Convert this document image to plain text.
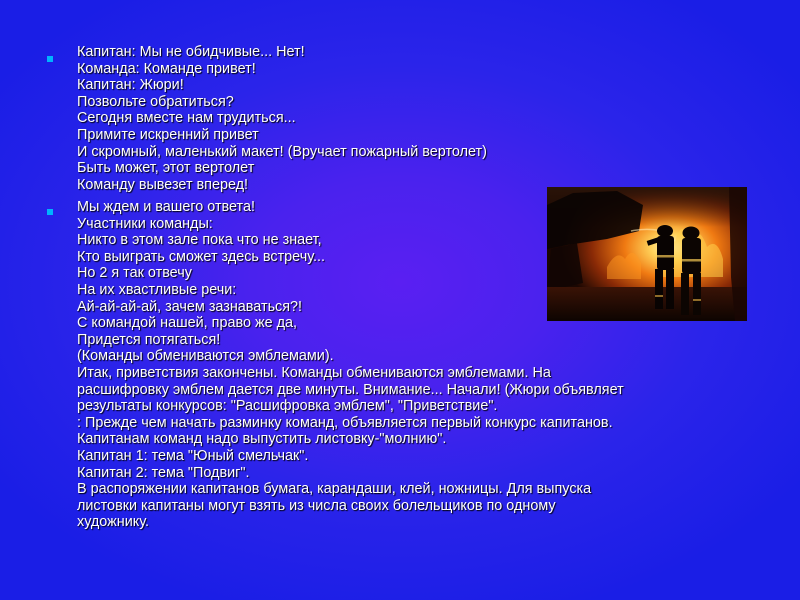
Капитан: Мы не обидчивые... Нет!
Команда: Команде привет!
Капитан: Жюри!
Позвольте обратиться?
Сегодня вместе нам трудиться...
Примите искренний привет
И скромный, маленький макет! (Вручает пожарный вертолет)
Быть может, этот вертолет
Команду вывезет вперед!
Мы ждем и вашего ответа!
Участники команды:
Никто в этом зале пока что не знает,
Кто выиграть сможет здесь встречу...
Но 2 я так отвечу
На их хвастливые речи:
Ай-ай-ай-ай, зачем зазнаваться?!
С командой нашей, право же да,
Придется потягаться!
(Команды обмениваются эмблемами).
Итак, приветствия закончены. Команды обмениваются эмблемами. На
расшифровку эмблем дается две минуты. Внимание... Начали! (Жюри объявляет
результаты конкурсов: "Расшифровка эмблем", "Приветствие".
: Прежде чем начать разминку команд, объявляется первый конкурс капитанов.
Капитанам команд надо выпустить листовку-"молнию".
Капитан 1: тема "Юный смельчак".
Капитан 2: тема "Подвиг".
В распоряжении капитанов бумага, карандаши, клей, ножницы. Для выпуска
листовки капитаны могут взять из числа своих болельщиков по одному
художнику.
